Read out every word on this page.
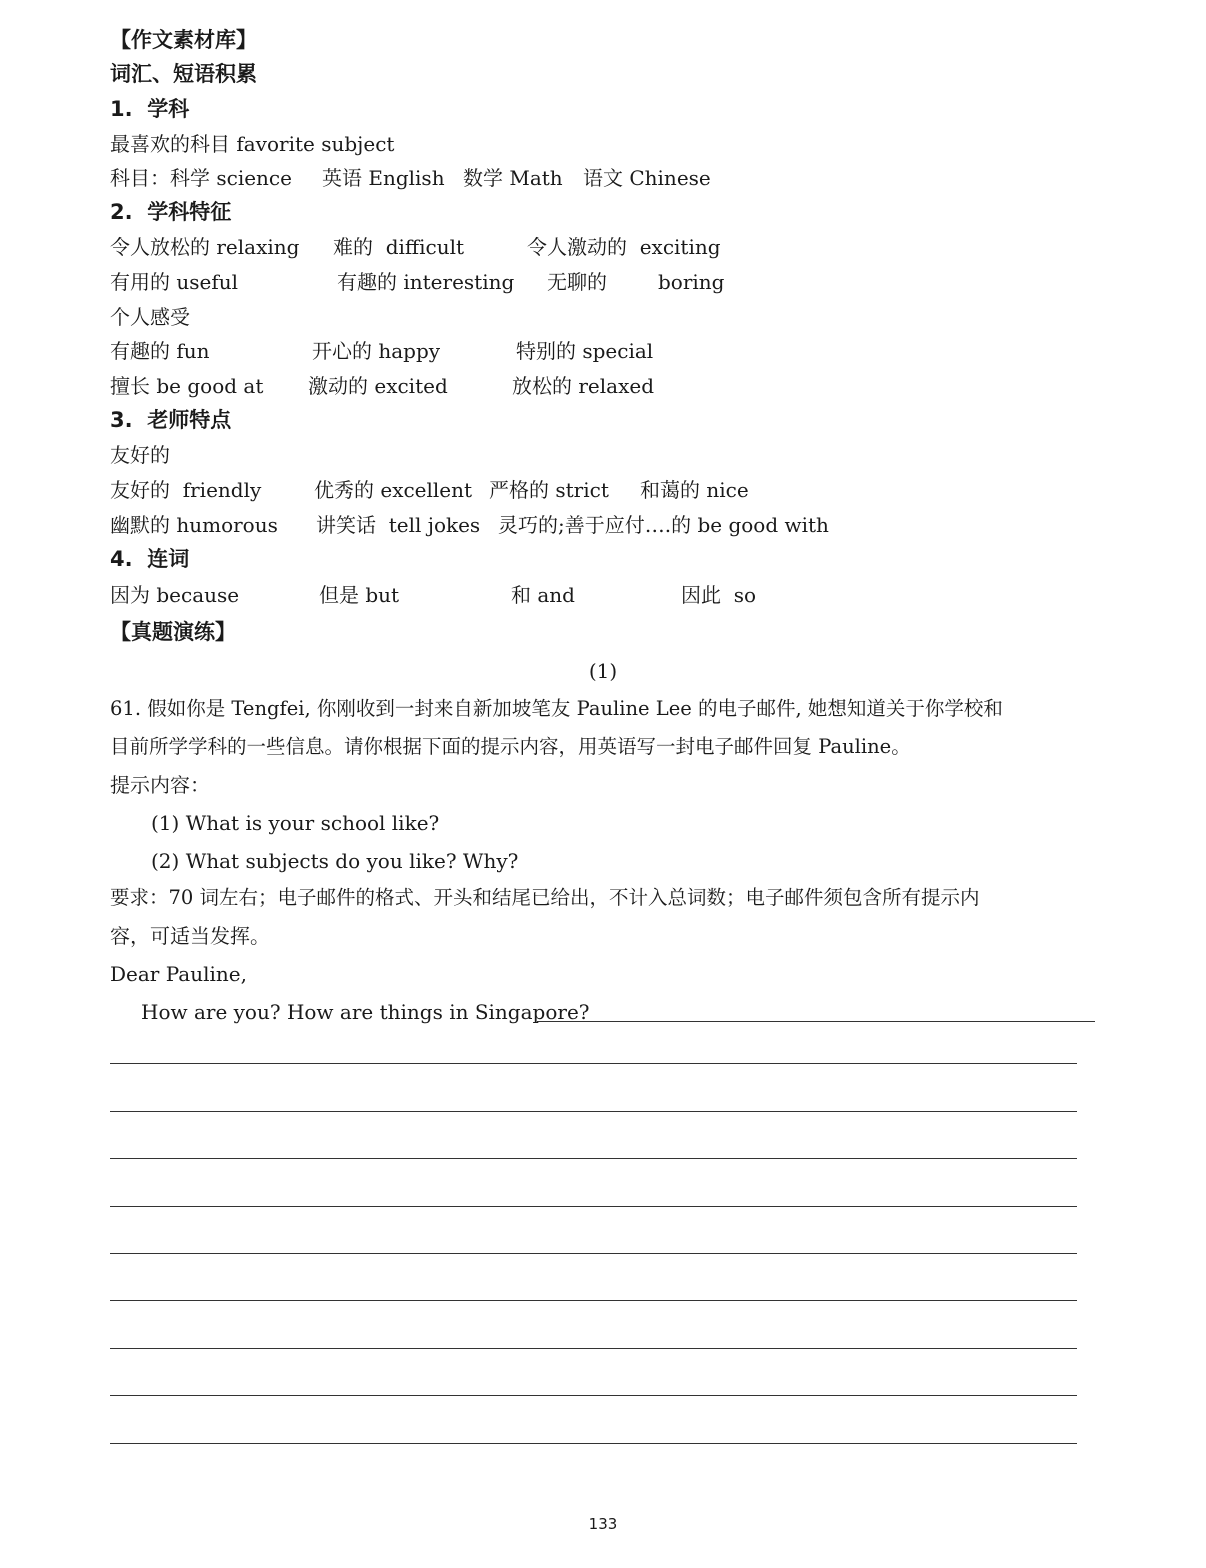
【作文素材库】
词汇、短语积累
1.  学科
最喜欢的科目 favorite subject
科目：科学 science 英语 English 数学 Math 语文 Chinese
2.  学科特征
令人放松的 relaxing 难的  difficult	令人激动的  exciting
有用的 useful	有趣的 interesting 无聊的	boring
个人感受
有趣的 fun	开心的 happy	特别的 special
擅长 be good at 激动的 excited	放松的 relaxed
3.  老师特点
友好的
友好的  friendly	优秀的 excellent 严格的 strict 和蔼的 nice
幽默的 humorous 讲笑话  tell jokes 灵巧的;善于应付….的 be good with
4.  连词
因为 because	但是 but	和 and	因此  so
【真题演练】
(1)
61. 假如你是 Tengfei, 你刚收到一封来自新加坡笔友 Pauline Lee 的电子邮件, 她想知道关于你学校和
目前所学学科的一些信息。请你根据下面的提示内容，用英语写一封电子邮件回复 Pauline。
提示内容：
(1) What is your school like?
(2) What subjects do you like? Why?
要求：70 词左右；电子邮件的格式、开头和结尾已给出，不计入总词数；电子邮件须包含所有提示内
容，可适当发挥。
Dear Pauline,
How are you? How are things in Singapore?
133
